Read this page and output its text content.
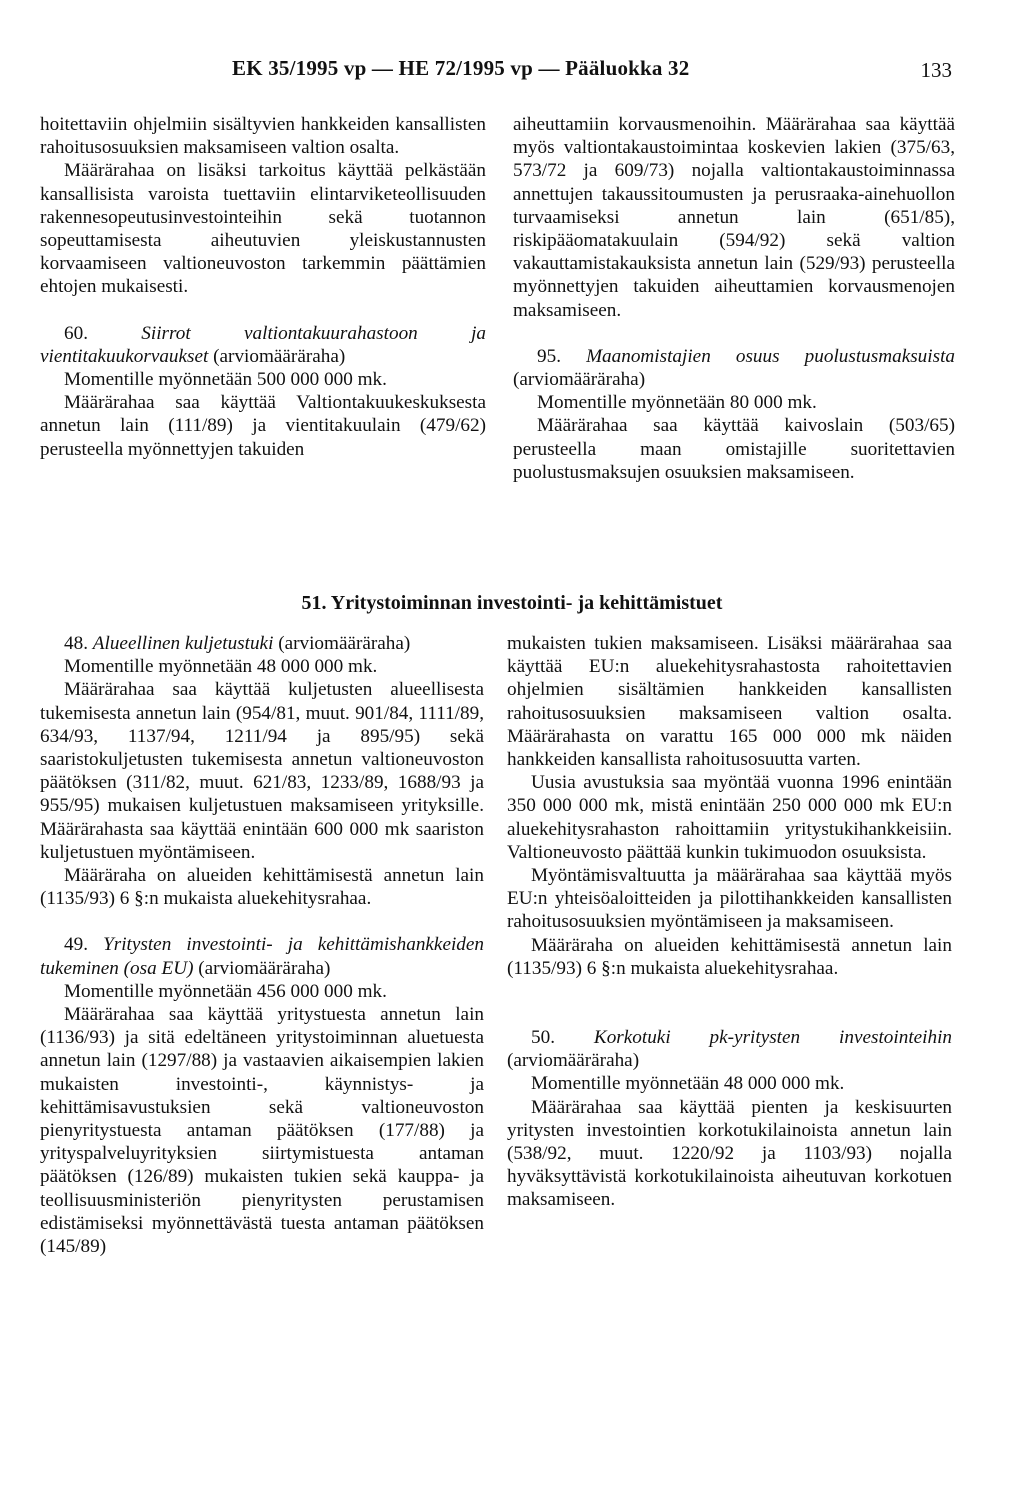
EK 35/1995 vp — HE 72/1995 vp — Pääluokka 32	133

hoitettaviin ohjelmiin sisältyvien hankkeiden kansallisten rahoitusosuuksien maksamiseen valtion osalta.

Määrärahaa on lisäksi tarkoitus käyttää pelkästään kansallisista varoista tuettaviin elintarviketeollisuuden rakennesopeutusinvestointeihin sekä tuotannon sopeuttamisesta aiheutuvien yleiskustannusten korvaamiseen valtioneuvoston tarkemmin päättämien ehtojen mukaisesti.

60.	Siirrot valtiontakuurahastoon ja vientitakuukorvaukset (arviomääräraha)

Momentille myönnetään 500 000 000 mk.

Määrärahaa saa käyttää Valtiontakuukeskuksesta annetun lain (111/89) ja vientitakuulain (479/62) perusteella myönnettyjen takuiden

aiheuttamiin korvausmenoihin. Määrärahaa saa käyttää myös valtiontakaustoimintaa koskevien lakien (375/63, 573/72 ja 609/73) nojalla valtiontakaustoiminnassa annettujen takaussitoumusten ja perusraaka-ainehuollon turvaamiseksi annetun lain (651/85), riskipääomatakuulain (594/92) sekä valtion vakauttamistakauksista annetun lain (529/93) perusteella myönnettyjen takuiden aiheuttamien korvausmenojen maksamiseen.

95. Maanomistajien osuus puolustusmaksuista (arviomääräraha)

Momentille myönnetään 80 000 mk.

Määrärahaa saa käyttää kaivoslain (503/65) perusteella maan omistajille suoritettavien puolustusmaksujen osuuksien maksamiseen.

51. Yritystoiminnan investointi- ja kehittämistuet

48. Alueellinen kuljetustuki (arviomääräraha)

Momentille myönnetään 48 000 000 mk.

Määrärahaa saa käyttää kuljetusten alueellisesta tukemisesta annetun lain (954/81, muut. 901/84, 1111/89, 634/93, 1137/94, 1211/94 ja 895/95) sekä saaristokuljetusten tukemisesta annetun valtioneuvoston päätöksen (311/82, muut. 621/83, 1233/89, 1688/93 ja 955/95) mukaisen kuljetustuen maksamiseen yrityksille. Määrärahasta saa käyttää enintään 600 000 mk saariston kuljetustuen myöntämiseen.

Määräraha on alueiden kehittämisestä annetun lain (1135/93) 6 §:n mukaista aluekehitysrahaa.

49. Yritysten investointi- ja kehittämishankkeiden tukeminen (osa EU) (arviomääräraha)

Momentille myönnetään 456 000 000 mk.

Määrärahaa saa käyttää yritystuesta annetun lain (1136/93) ja sitä edeltäneen yritystoiminnan aluetuesta annetun lain (1297/88) ja vastaavien aikaisempien lakien mukaisten investointi-, käynnistys- ja kehittämisavustuksien sekä valtioneuvoston pienyritystuesta antaman päätöksen (177/88) ja yrityspalveluyrityksien siirtymistuesta antaman päätöksen (126/89) mukaisten tukien sekä kauppa- ja teollisuusministeriön pienyritysten perustamisen edistämiseksi myönnettävästä tuesta antaman päätöksen (145/89)

mukaisten tukien maksamiseen. Lisäksi määrärahaa saa käyttää EU:n aluekehitysrahastosta rahoitettavien ohjelmien sisältämien hankkeiden kansallisten rahoitusosuuksien maksamiseen valtion osalta. Määrärahasta on varattu 165 000 000 mk näiden hankkeiden kansallista rahoitusosuutta varten.

Uusia avustuksia saa myöntää vuonna 1996 enintään 350 000 000 mk, mistä enintään 250 000 000 mk EU:n aluekehitysrahaston rahoittamiin yritystukihankkeisiin. Valtioneuvosto päättää kunkin tukimuodon osuuksista.

Myöntämisvaltuutta ja määrärahaa saa käyttää myös EU:n yhteisöaloitteiden ja pilottihankkeiden kansallisten rahoitusosuuksien myöntämiseen ja maksamiseen.

Määräraha on alueiden kehittämisestä annetun lain (1135/93) 6 §:n mukaista aluekehitysrahaa.

50. Korkotuki pk-yritysten investointeihin (arviomääräraha)

Momentille myönnetään 48 000 000 mk.

Määrärahaa saa käyttää pienten ja keskisuurten yritysten investointien korkotukilainoista annetun lain (538/92, muut. 1220/92 ja 1103/93) nojalla hyväksyttävistä korkotukilainoista aiheutuvan korkotuen maksamiseen.
